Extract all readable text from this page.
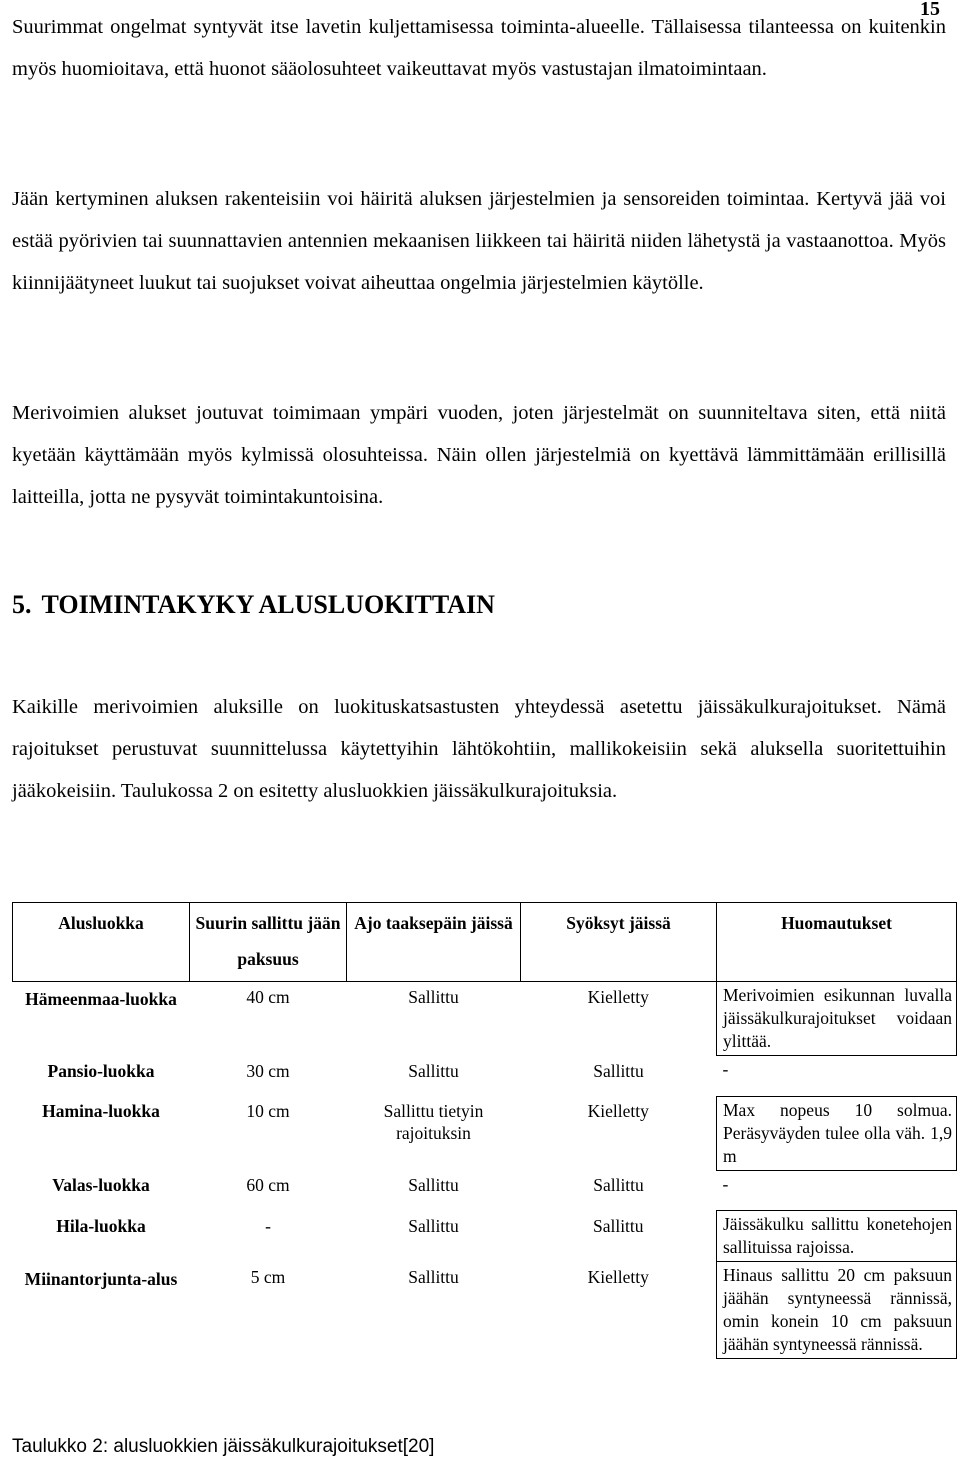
15

Suurimmat ongelmat syntyvät itse lavetin kuljettamisessa toiminta-alueelle. Tällaisessa tilanteessa on kuitenkin myös huomioitava, että huonot sääolosuhteet vaikeuttavat myös vastustajan ilmatoimintaan.

Jään kertyminen aluksen rakenteisiin voi häiritä aluksen järjestelmien ja sensoreiden toimintaa. Kertyvä jää voi estää pyörivien tai suunnattavien antennien mekaanisen liikkeen tai häiritä niiden lähetystä ja vastaanottoa. Myös kiinnijäätyneet luukut tai suojukset voivat aiheuttaa ongelmia järjestelmien käytölle.

Merivoimien alukset joutuvat toimimaan ympäri vuoden, joten järjestelmät on suunniteltava siten, että niitä kyetään käyttämään myös kylmissä olosuhteissa. Näin ollen järjestelmiä on kyettävä lämmittämään erillisillä laitteilla, jotta ne pysyvät toimintakuntoisina.

5. TOIMINTAKYKY ALUSLUOKITTAIN

Kaikille merivoimien aluksille on luokituskatsastusten yhteydessä asetettu jäissäkulkurajoitukset. Nämä rajoitukset perustuvat suunnittelussa käytettyihin lähtökohtiin, mallikokeisiin sekä aluksella suoritettuihin jääkokeisiin. Taulukossa 2 on esitetty alusluokkien jäissäkulkurajoituksia.

Alusluokka	Suurin sallittu jään paksuus	Ajo taaksepäin jäissä	Syöksyt jäissä	Huomautukset
Hämeenmaa-luokka	40 cm	Sallittu	Kielletty	Merivoimien esikunnan luvalla jäissäkulkurajoitukset voidaan ylittää.
Pansio-luokka	30 cm	Sallittu	Sallittu	-

Hamina-luokka	10 cm	Sallittu tietyin rajoituksin	Kielletty	Max nopeus 10 solmua. Peräsyväyden tulee olla väh. 1,9 m
Valas-luokka	60 cm	Sallittu	Sallittu	-

Hila-luokka	-	Sallittu	Sallittu	Jäissäkulku sallittu konetehojen sallituissa rajoissa.
Miinantorjunta-alus	5 cm	Sallittu	Kielletty	Hinaus sallittu 20 cm paksuun jäähän syntyneessä rännissä, omin konein 10 cm paksuun jäähän syntyneessä rännissä.
Taulukko 2: alusluokkien jäissäkulkurajoitukset[20]
